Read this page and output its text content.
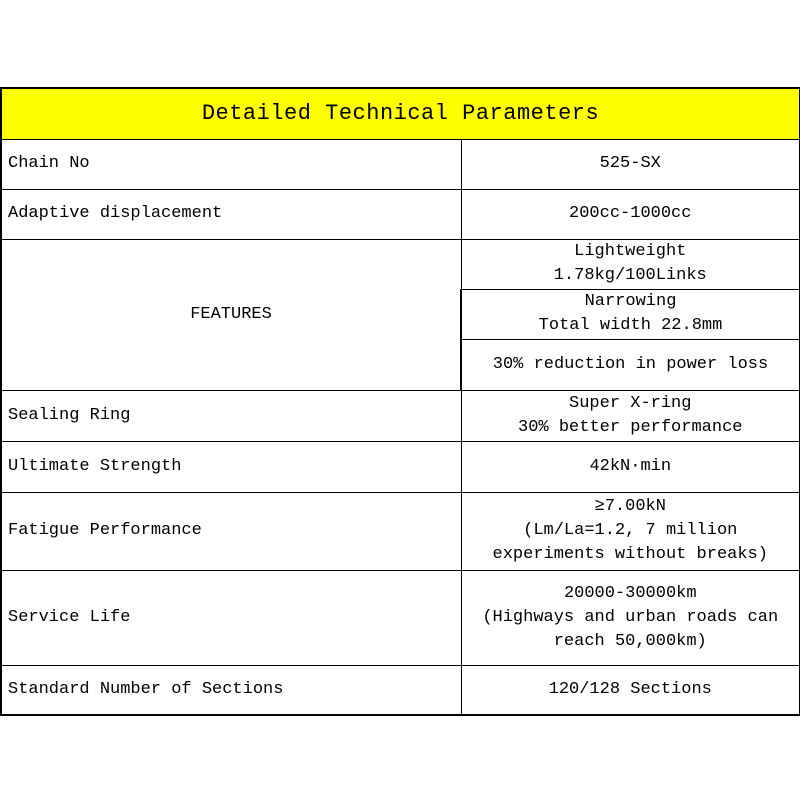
Detailed Technical Parameters	
Chain No	525-SX
Adaptive displacement	200cc-1000cc
FEATURES	Lightweight
1.78kg/100Links
	Narrowing
Total width 22.8mm
	30% reduction in power loss
Sealing Ring	Super X-ring
30% better performance
Ultimate Strength	42kN·min
Fatigue Performance	≥7.00kN
(Lm/La=1.2, 7 million
experiments without breaks)
Service Life	20000-30000km
(Highways and urban roads can
reach 50,000km)
Standard Number of Sections	120/128 Sections
